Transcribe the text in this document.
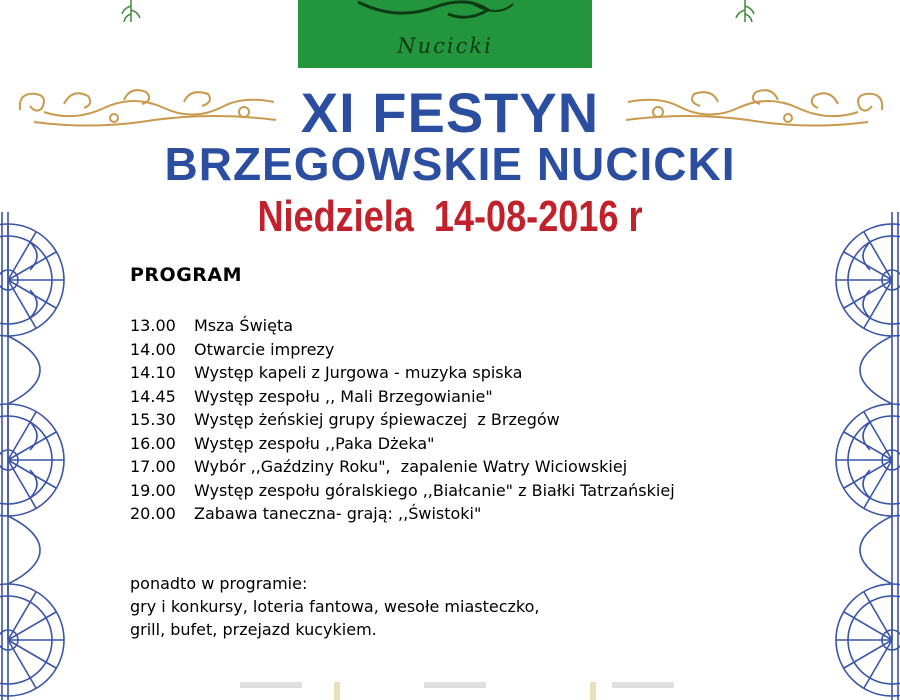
Nucicki
XI FESTYN
BRZEGOWSKIE NUCICKI
Niedziela  14-08-2016 r
PROGRAM
13.00 Msza Święta
14.00 Otwarcie imprezy
14.10 Występ kapeli z Jurgowa - muzyka spiska
14.45 Występ zespołu ,, Mali Brzegowianie"
15.30 Występ żeńskiej grupy śpiewaczej  z Brzegów
16.00 Występ zespołu ,,Paka Dżeka"
17.00 Wybór ,,Gaździny Roku",  zapalenie Watry Wiciowskiej
19.00 Występ zespołu góralskiego ,,Białcanie" z Białki Tatrzańskiej
20.00 Zabawa taneczna- grają: ,,Świstoki"
ponadto w programie:
gry i konkursy, loteria fantowa, wesołe miasteczko,
grill, bufet, przejazd kucykiem.
